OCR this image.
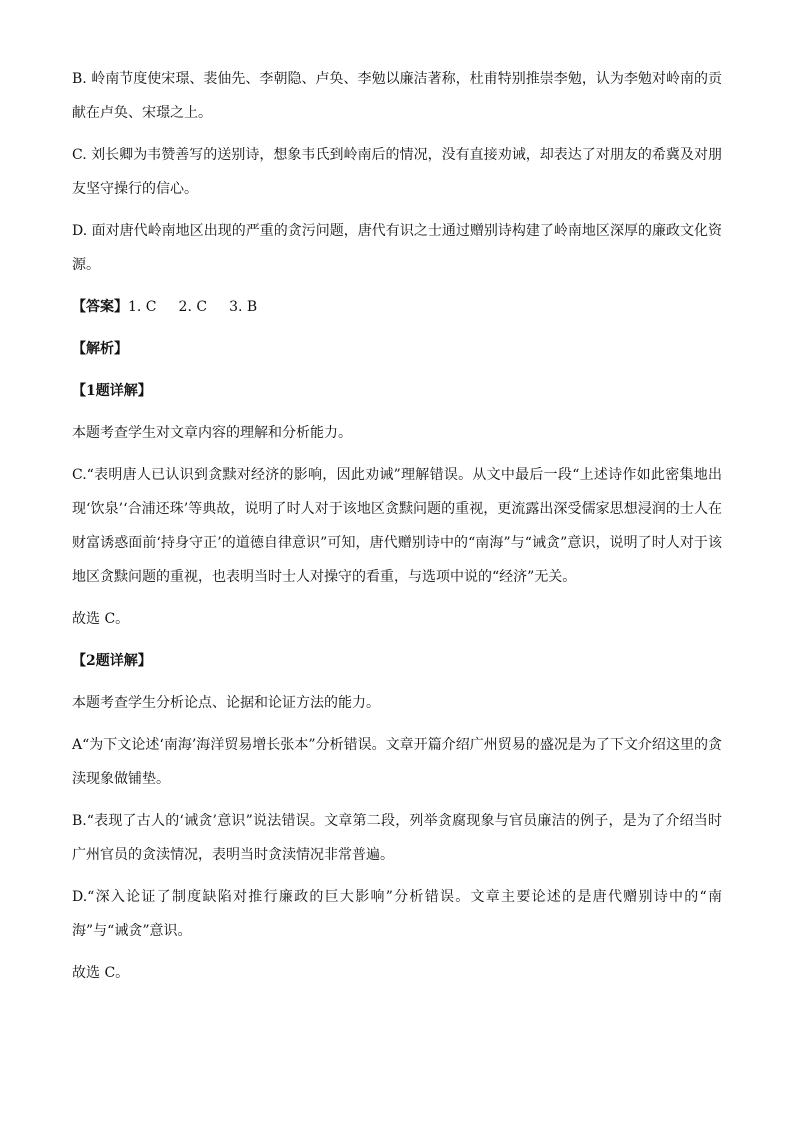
B. 岭南节度使宋璟、裴伷先、李朝隐、卢奂、李勉以廉洁著称，杜甫特别推崇李勉，认为李勉对岭南的贡献在卢奂、宋璟之上。

C. 刘长卿为韦赞善写的送别诗，想象韦氏到岭南后的情况，没有直接劝诫，却表达了对朋友的希冀及对朋友坚守操行的信心。

D. 面对唐代岭南地区出现的严重的贪污问题，唐代有识之士通过赠别诗构建了岭南地区深厚的廉政文化资源。

【答案】1. C 2. C 3. B

【解析】

【1题详解】

本题考查学生对文章内容的理解和分析能力。

C.“表明唐人已认识到贪黩对经济的影响，因此劝诫”理解错误。从文中最后一段“上述诗作如此密集地出现‘饮泉’‘合浦还珠’等典故，说明了时人对于该地区贪黩问题的重视，更流露出深受儒家思想浸润的士人在财富诱惑面前‘持身守正’的道德自律意识”可知，唐代赠别诗中的“南海”与“诫贪”意识，说明了时人对于该地区贪黩问题的重视，也表明当时士人对操守的看重，与选项中说的“经济”无关。

故选 C。

【2题详解】

本题考查学生分析论点、论据和论证方法的能力。

A“为下文论述‘南海’海洋贸易增长张本”分析错误。文章开篇介绍广州贸易的盛况是为了下文介绍这里的贪渎现象做铺垫。

B.“表现了古人的‘诫贪’意识”说法错误。文章第二段，列举贪腐现象与官员廉洁的例子，是为了介绍当时广州官员的贪渎情况，表明当时贪渎情况非常普遍。

D.“深入论证了制度缺陷对推行廉政的巨大影响”分析错误。文章主要论述的是唐代赠别诗中的“南海”与“诫贪”意识。

故选 C。
